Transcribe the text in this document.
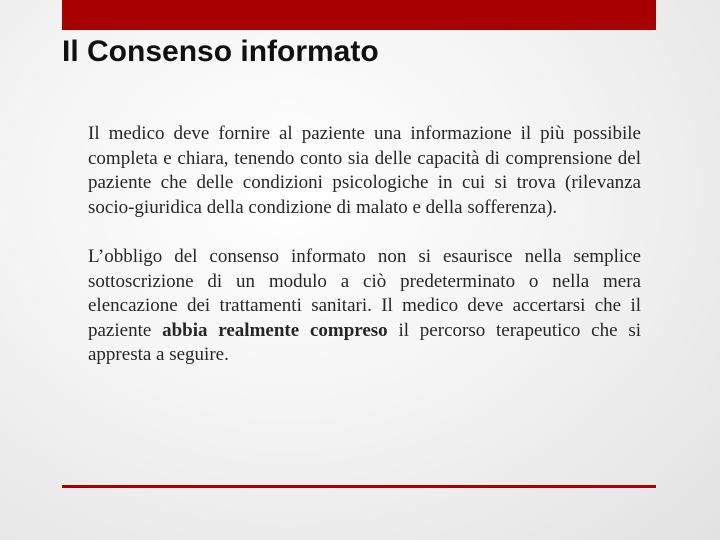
Il Consenso informato

Il medico deve fornire al paziente una informazione il più possibile completa e chiara, tenendo conto sia delle capacità di comprensione del paziente che delle condizioni psicologiche in cui si trova (rilevanza socio-giuridica della condizione di malato e della sofferenza).

L’obbligo del consenso informato non si esaurisce nella semplice sottoscrizione di un modulo a ciò predeterminato o nella mera elencazione dei trattamenti sanitari. Il medico deve accertarsi che il paziente abbia realmente compreso il percorso terapeutico che si appresta a seguire.
